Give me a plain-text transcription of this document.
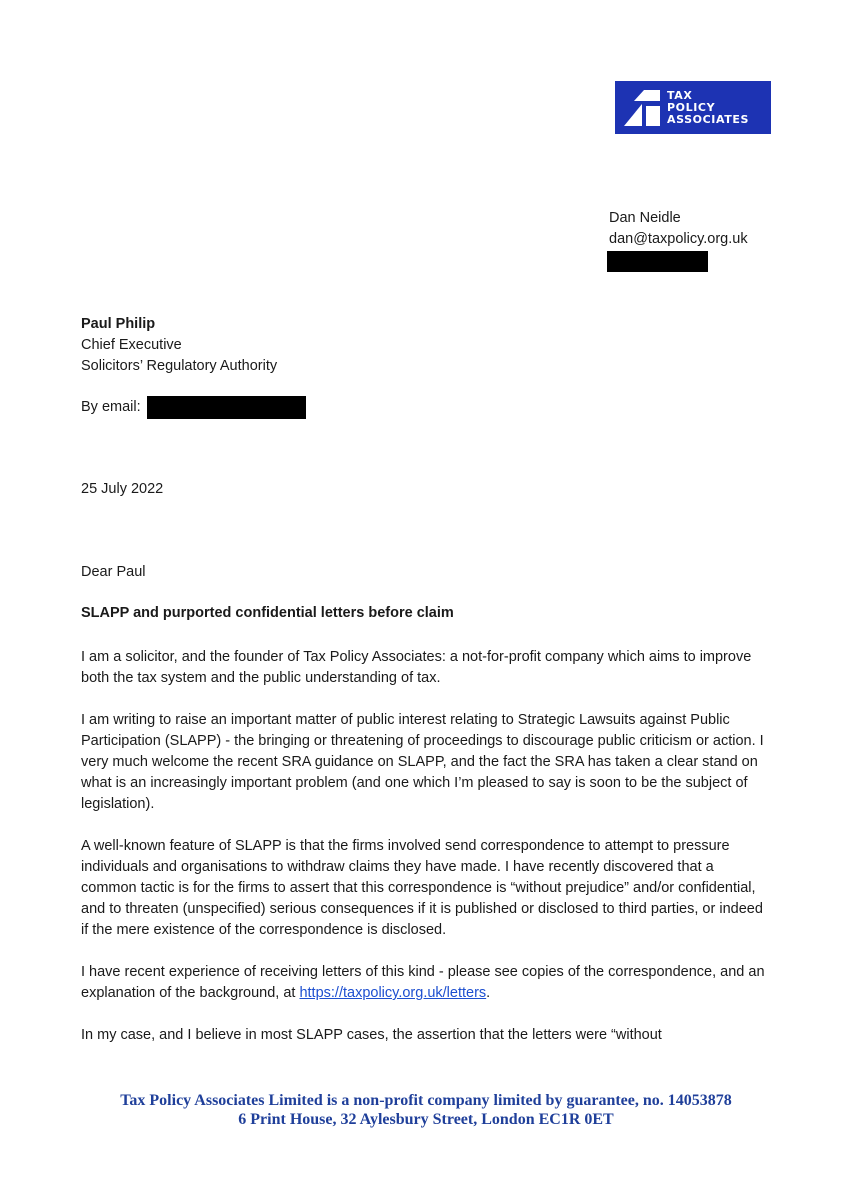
TAX
POLICY
ASSOCIATES
Dan Neidle
dan@taxpolicy.org.uk
Paul Philip
Chief Executive
Solicitors’ Regulatory Authority
By email:
25 July 2022
Dear Paul
SLAPP and purported confidential letters before claim

I am a solicitor, and the founder of Tax Policy Associates: a not-for-profit company which aims to improve both the tax system and the public understanding of tax.

I am writing to raise an important matter of public interest relating to Strategic Lawsuits against Public Participation (SLAPP) - the bringing or threatening of proceedings to discourage public criticism or action. I very much welcome the recent SRA guidance on SLAPP, and the fact the SRA has taken a clear stand on what is an increasingly important problem (and one which I’m pleased to say is soon to be the subject of legislation).

A well-known feature of SLAPP is that the firms involved send correspondence to attempt to pressure individuals and organisations to withdraw claims they have made. I have recently discovered that a common tactic is for the firms to assert that this correspondence is “without prejudice” and/or confidential, and to threaten (unspecified) serious consequences if it is published or disclosed to third parties, or indeed if the mere existence of the correspondence is disclosed.

I have recent experience of receiving letters of this kind - please see copies of the correspondence, and an explanation of the background, at https://taxpolicy.org.uk/letters.

In my case, and I believe in most SLAPP cases, the assertion that the letters were “without

Tax Policy Associates Limited is a non-profit company limited by guarantee, no. 14053878
6 Print House, 32 Aylesbury Street, London EC1R 0ET
